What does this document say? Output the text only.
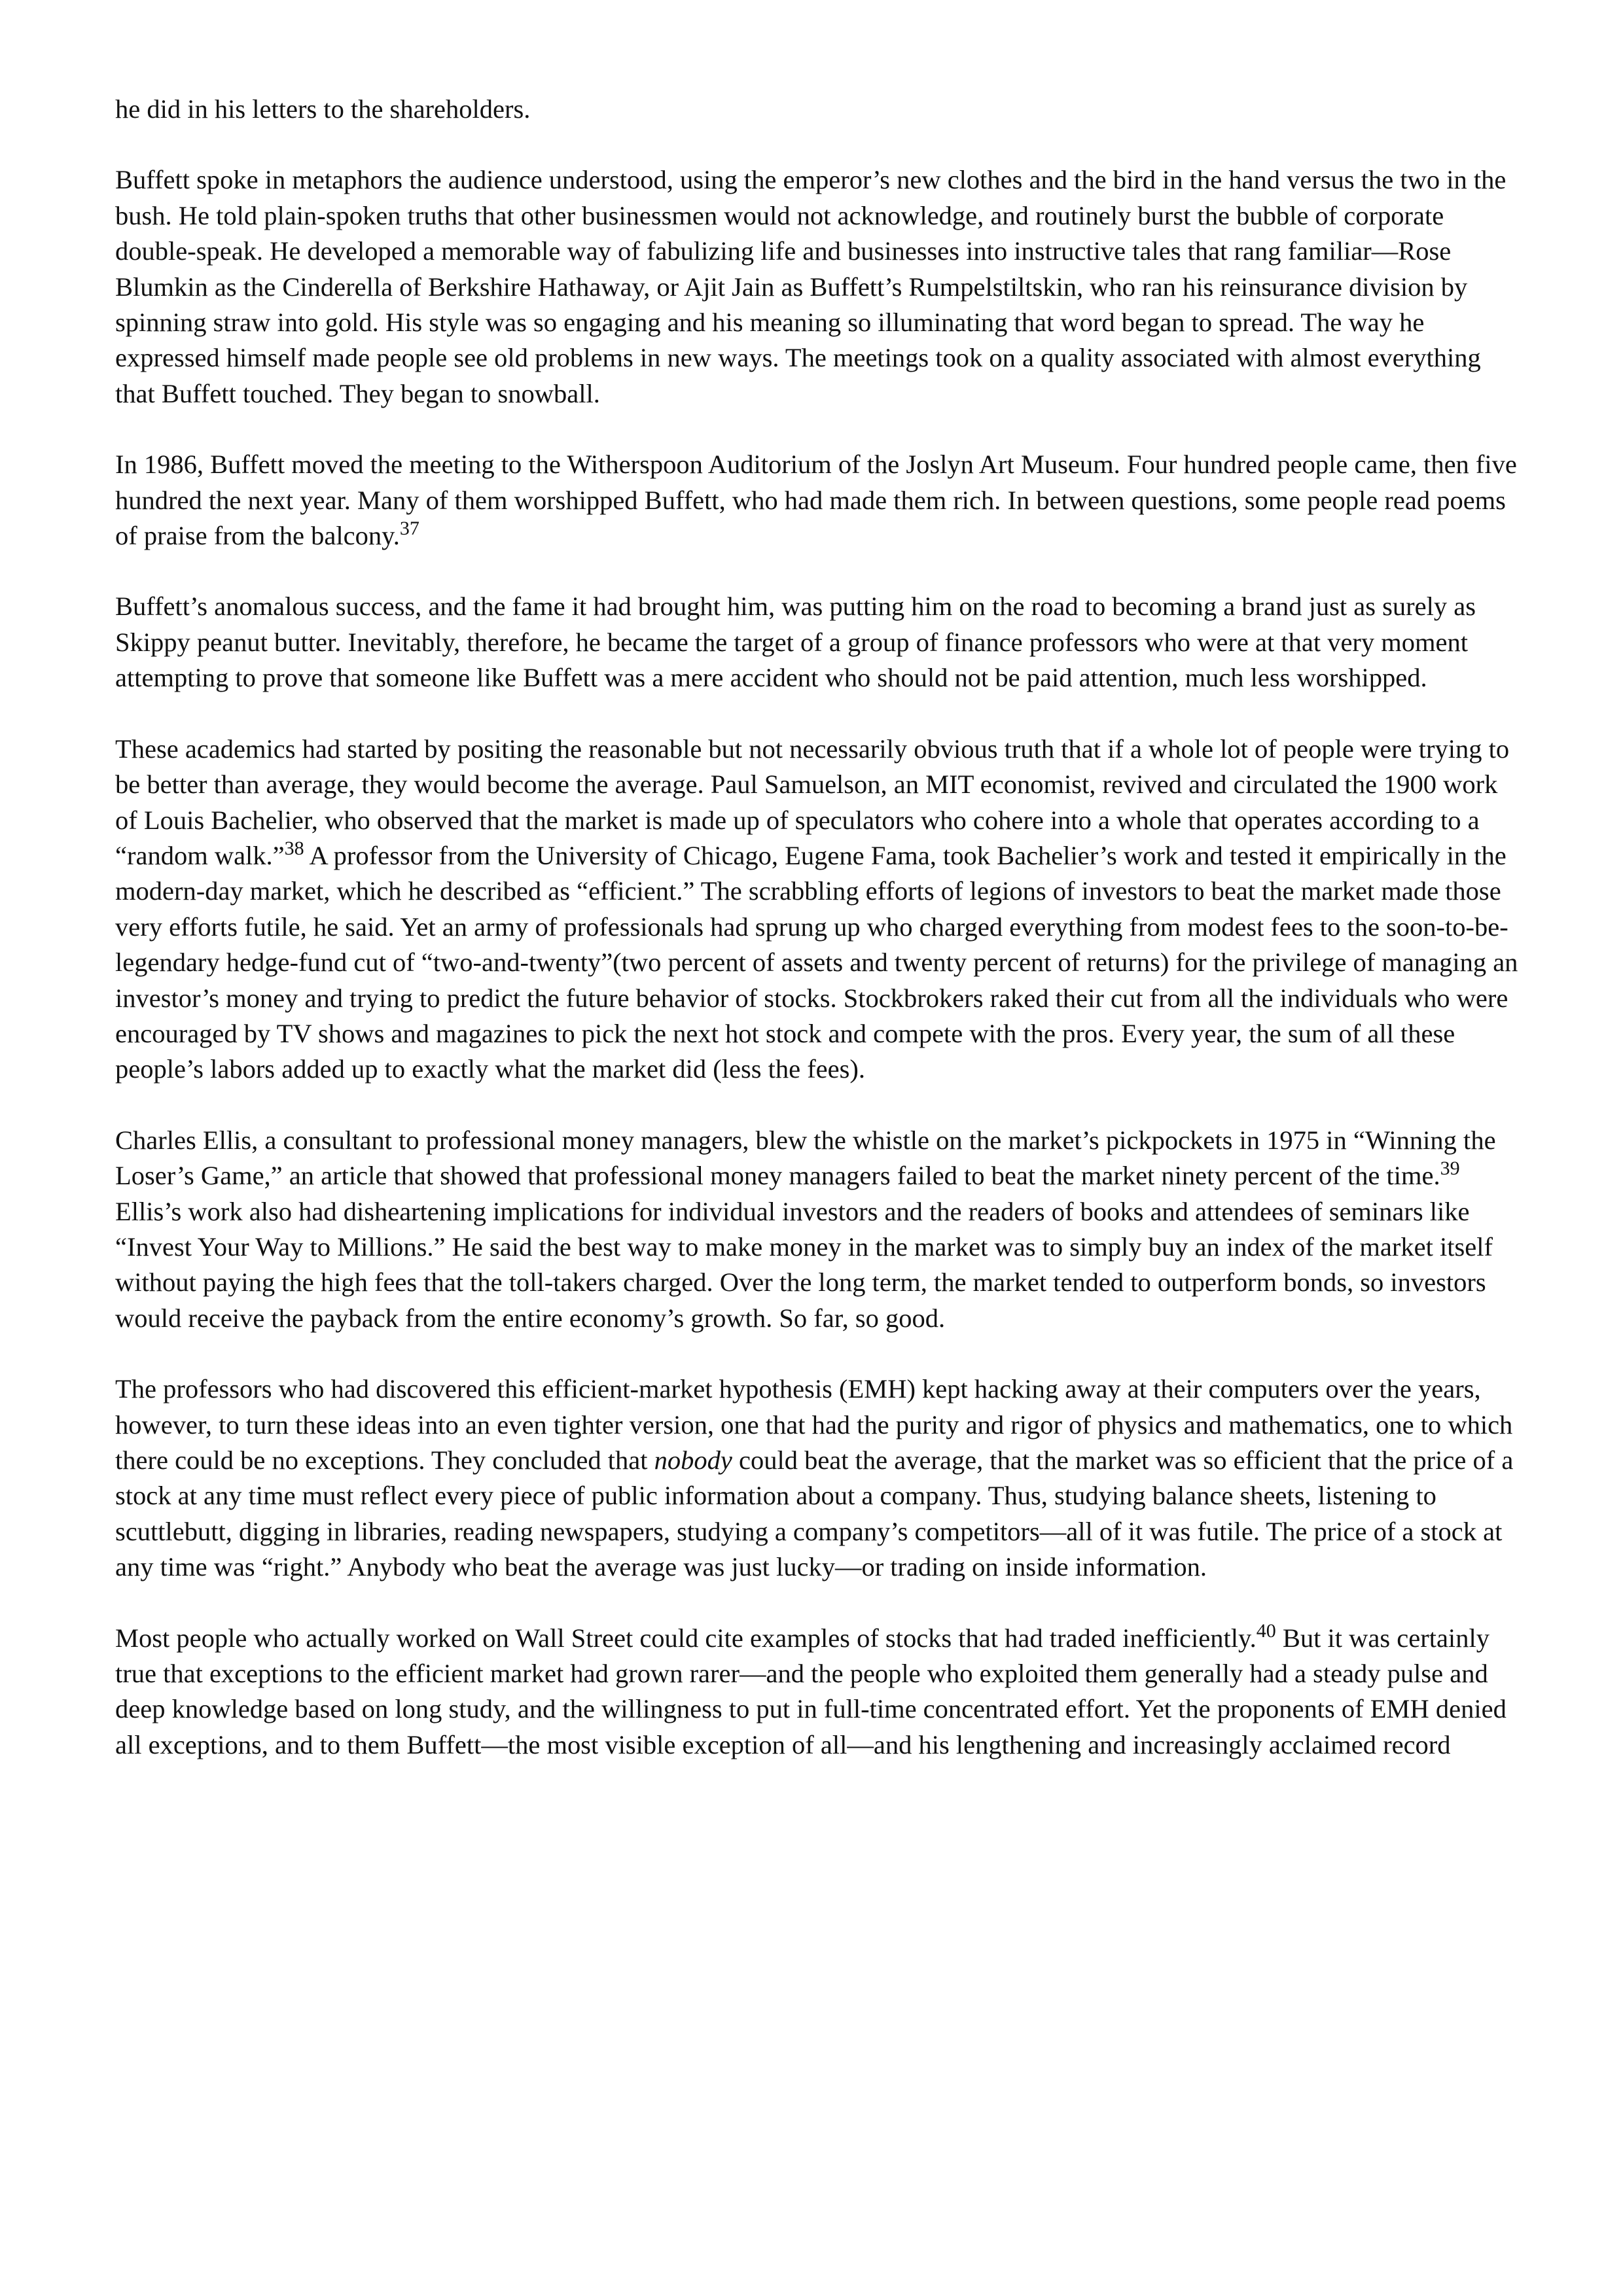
he did in his letters to the shareholders.

Buffett spoke in metaphors the audience understood, using the emperor’s new clothes and the bird in the hand versus the two in the bush. He told plain-spoken truths that other businessmen would not acknowledge, and routinely burst the bubble of corporate double-speak. He developed a memorable way of fabulizing life and businesses into instructive tales that rang familiar—Rose Blumkin as the Cinderella of Berkshire Hathaway, or Ajit Jain as Buffett’s Rumpelstiltskin, who ran his reinsurance division by spinning straw into gold. His style was so engaging and his meaning so illuminating that word began to spread. The way he expressed himself made people see old problems in new ways. The meetings took on a quality associated with almost everything that Buffett touched. They began to snowball.

In 1986, Buffett moved the meeting to the Witherspoon Auditorium of the Joslyn Art Museum. Four hundred people came, then five hundred the next year. Many of them worshipped Buffett, who had made them rich. In between questions, some people read poems of praise from the balcony.$^{37}$

Buffett’s anomalous success, and the fame it had brought him, was putting him on the road to becoming a brand just as surely as Skippy peanut butter. Inevitably, therefore, he became the target of a group of finance professors who were at that very moment attempting to prove that someone like Buffett was a mere accident who should not be paid attention, much less worshipped.

These academics had started by positing the reasonable but not necessarily obvious truth that if a whole lot of people were trying to be better than average, they would become the average. Paul Samuelson, an MIT economist, revived and circulated the 1900 work of Louis Bachelier, who observed that the market is made up of speculators who cohere into a whole that operates according to a “random walk.”$^{38}$ A professor from the University of Chicago, Eugene Fama, took Bachelier’s work and tested it empirically in the modern-day market, which he described as “efficient.” The scrabbling efforts of legions of investors to beat the market made those very efforts futile, he said. Yet an army of professionals had sprung up who charged everything from modest fees to the soon-to-be-legendary hedge-fund cut of “two-and-twenty”(two percent of assets and twenty percent of returns) for the privilege of managing an investor’s money and trying to predict the future behavior of stocks. Stockbrokers raked their cut from all the individuals who were encouraged by TV shows and magazines to pick the next hot stock and compete with the pros. Every year, the sum of all these people’s labors added up to exactly what the market did (less the fees).

Charles Ellis, a consultant to professional money managers, blew the whistle on the market’s pickpockets in 1975 in “Winning the Loser’s Game,” an article that showed that professional money managers failed to beat the market ninety percent of the time.$^{39}$ Ellis’s work also had disheartening implications for individual investors and the readers of books and attendees of seminars like “Invest Your Way to Millions.” He said the best way to make money in the market was to simply buy an index of the market itself without paying the high fees that the toll-takers charged. Over the long term, the market tended to outperform bonds, so investors would receive the payback from the entire economy’s growth. So far, so good.

The professors who had discovered this efficient-market hypothesis (EMH) kept hacking away at their computers over the years, however, to turn these ideas into an even tighter version, one that had the purity and rigor of physics and mathematics, one to which there could be no exceptions. They concluded that nobody could beat the average, that the market was so efficient that the price of a stock at any time must reflect every piece of public information about a company. Thus, studying balance sheets, listening to scuttlebutt, digging in libraries, reading newspapers, studying a company’s competitors—all of it was futile. The price of a stock at any time was “right.” Anybody who beat the average was just lucky—or trading on inside information.

Most people who actually worked on Wall Street could cite examples of stocks that had traded inefficiently.$^{40}$ But it was certainly true that exceptions to the efficient market had grown rarer—and the people who exploited them generally had a steady pulse and deep knowledge based on long study, and the willingness to put in full-time concentrated effort. Yet the proponents of EMH denied all exceptions, and to them Buffett—the most visible exception of all—and his lengthening and increasingly acclaimed record
